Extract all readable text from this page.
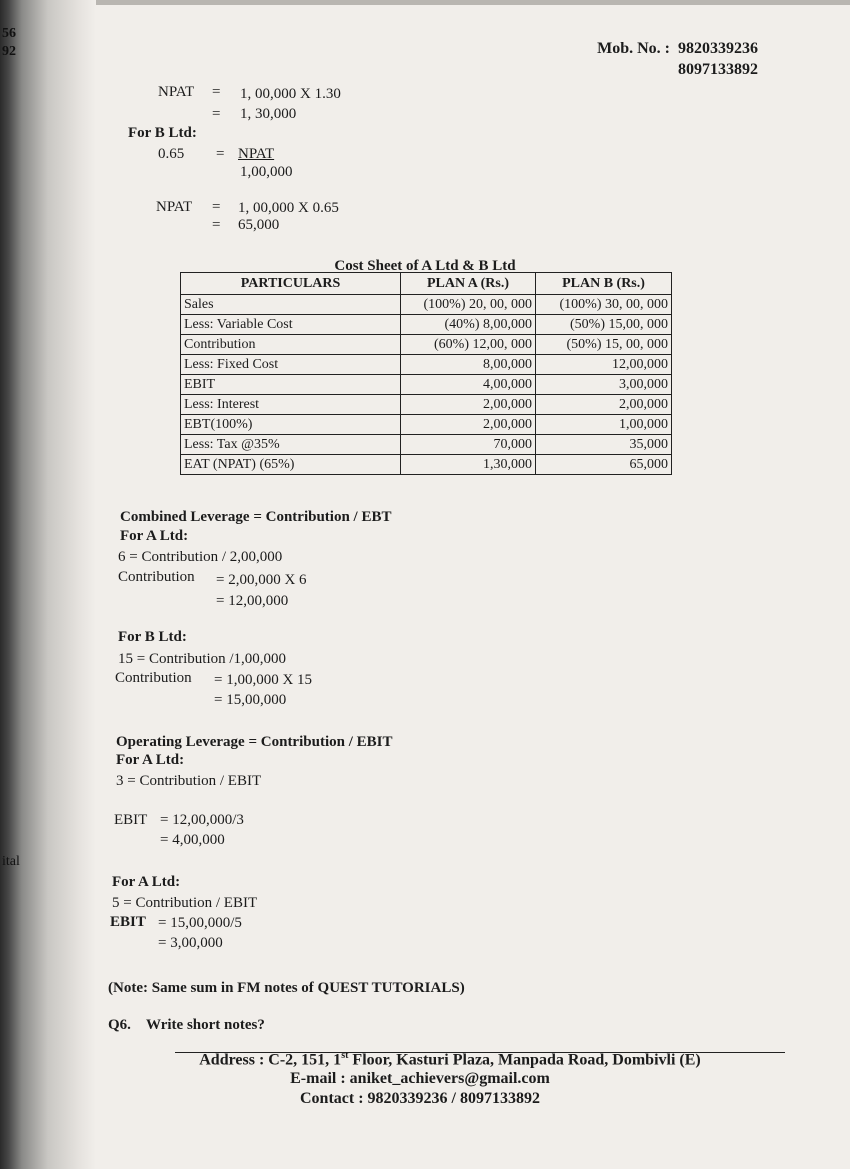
56
92
ital
Mob. No. : 9820339236
8097133892
NPAT = 1, 00,000 X 1.30
= 1, 30,000
For B Ltd:
0.65 = NPAT
1,00,000
NPAT = 1, 00,000 X 0.65
= 65,000
Cost Sheet of A Ltd & B Ltd
PARTICULARS	PLAN A (Rs.)	PLAN B (Rs.)
Sales	(100%) 20, 00, 000	(100%) 30, 00, 000
Less: Variable Cost	(40%) 8,00,000	(50%) 15,00, 000
Contribution	(60%) 12,00, 000	(50%) 15, 00, 000
Less: Fixed Cost	8,00,000	12,00,000
EBIT	4,00,000	3,00,000
Less: Interest	2,00,000	2,00,000
EBT(100%)	2,00,000	1,00,000
Less: Tax @35%	70,000	35,000
EAT (NPAT) (65%)	1,30,000	65,000
Combined Leverage = Contribution / EBT
For A Ltd:
6 = Contribution / 2,00,000
Contribution = 2,00,000 X 6
= 12,00,000
For B Ltd:
15 = Contribution /1,00,000
Contribution = 1,00,000 X 15
= 15,00,000
Operating Leverage = Contribution / EBIT
For A Ltd:
3 = Contribution / EBIT
EBIT = 12,00,000/3
= 4,00,000
For A Ltd:
5 = Contribution / EBIT
EBIT = 15,00,000/5
= 3,00,000
(Note: Same sum in FM notes of QUEST TUTORIALS)
Q6. Write short notes?
Address : C-2, 151, 1st Floor, Kasturi Plaza, Manpada Road, Dombivli (E)
E-mail : aniket_achievers@gmail.com
Contact : 9820339236 / 8097133892
